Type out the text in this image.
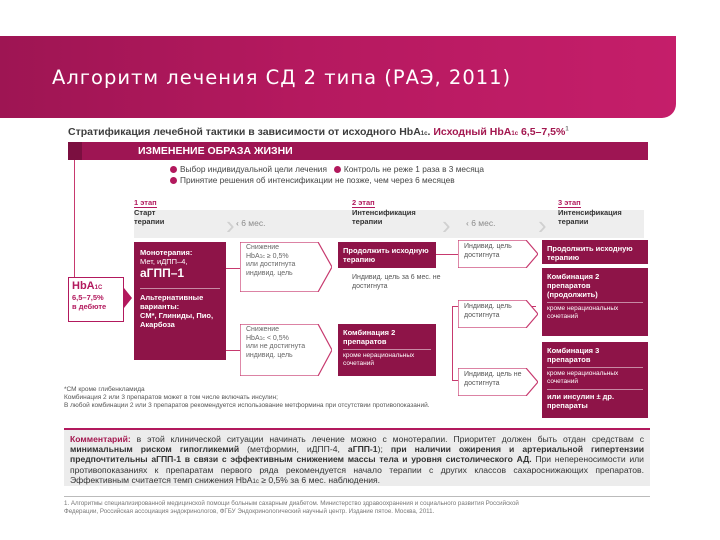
Алгоритм лечения СД 2 типа (РАЭ, 2011)
Стратификация лечебной тактики в зависимости от исходного HbA1c. Исходный HbA1c 6,5–7,5%$^1$
ИЗМЕНЕНИЕ ОБРАЗА ЖИЗНИ
Выбор индивидуальной цели лечения Контроль не реже 1 раза в 3 месяца
Принятие решения об интенсификации не позже, чем через 6 месяцев
1 этап
Старт
терапии › ‹ 6 мес.
2 этап
Интенсификация
терапии	› ‹ 6 мес. ›
3 этап
Интенсификация
терапии
HbA1C
6,5–7,5%
в дебюте
Монотерапия:
Мет, иДПП–4,
аГПП–1
Альтернативные варианты:
СМ*, Глиниды, Пио, Акарбоза
Снижение
HbA1c ≥ 0,5%
или достигнута
индивид. цель
Снижение
HbA1c < 0,5%
или не достигнута
индивид. цель
Продолжить исходную терапию
Индивид. цель за 6 мес. не достигнута
Комбинация 2 препаратов
кроме нерациональных сочетаний
Индивид. цель достигнута
Индивид. цель достигнута
Индивид. цель не достигнута
Продолжить исходную терапию
Комбинация 2 препаратов (продолжить)
кроме нерациональных сочетаний
Комбинация 3 препаратов
кроме нерациональных сочетаний
или инсулин ± др. препараты
*СМ кроме глибенкламида
Комбинация 2 или 3 препаратов может в том числе включать инсулин;
В любой комбинации 2 или 3 препаратов рекомендуется использование метформина при отсутствии противопоказаний.
Комментарий: в этой клинической ситуации начинать лечение можно с монотерапии. Приоритет должен быть отдан средствам с минимальным риском гипогликемий (метформин, иДПП-4, аГПП-1); при наличии ожирения и артериальной гипертензии предпочтительны аГПП-1 в связи с эффективным снижением массы тела и уровня систолического АД. При непереносимости или противопоказаниях к препаратам первого ряда рекомендуется начало терапии с других классов сахароснижающих препаратов. Эффективным считается темп снижения HbA1c ≥ 0,5% за 6 мес. наблюдения.
1. Алгоритмы специализированной медицинской помощи больным сахарным диабетом. Министерство здравоохранения и социального развития Российской
Федерации, Российская ассоциация эндокринологов, ФГБУ Эндокринологический научный центр. Издание пятое. Москва, 2011.
